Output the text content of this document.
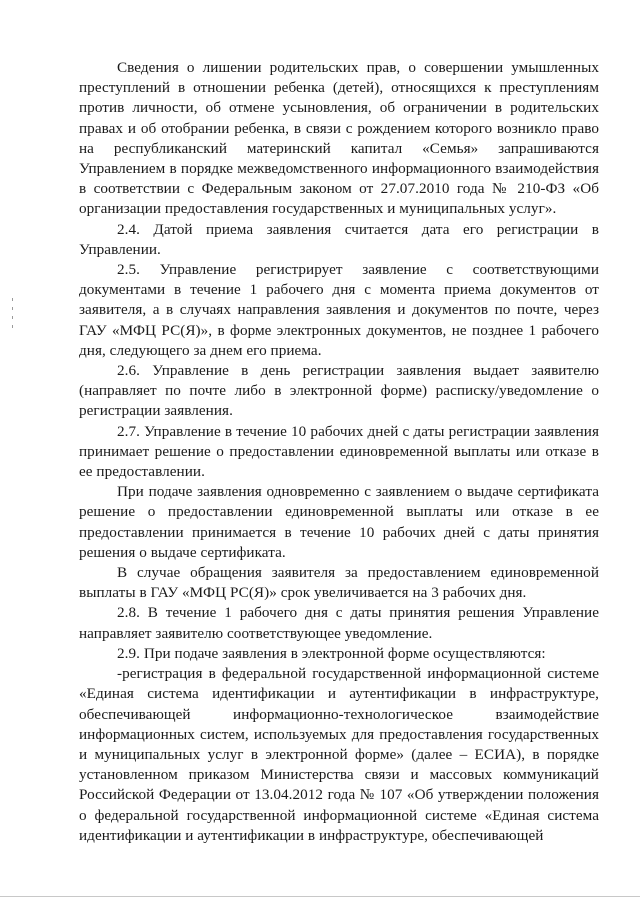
Сведения о лишении родительских прав, о совершении умышленных преступлений в отношении ребенка (детей), относящихся к преступлениям против личности, об отмене усыновления, об ограничении в родительских правах и об отобрании ребенка, в связи с рождением которого возникло право на республиканский материнский капитал «Семья» запрашиваются Управлением в порядке межведомственного информационного взаимодействия в соответствии с Федеральным законом от 27.07.2010 года № 210-ФЗ «Об организации предоставления государственных и муниципальных услуг».

2.4. Датой приема заявления считается дата его регистрации в Управлении.

2.5. Управление регистрирует заявление с соответствующими документами в течение 1 рабочего дня с момента приема документов от заявителя, а в случаях направления заявления и документов по почте, через ГАУ «МФЦ РС(Я)», в форме электронных документов, не позднее 1 рабочего дня, следующего за днем его приема.

2.6. Управление в день регистрации заявления выдает заявителю (направляет по почте либо в электронной форме) расписку/уведомление о регистрации заявления.

2.7. Управление в течение 10 рабочих дней с даты регистрации заявления принимает решение о предоставлении единовременной выплаты или отказе в ее предоставлении.

При подаче заявления одновременно с заявлением о выдаче сертификата решение о предоставлении единовременной выплаты или отказе в ее предоставлении принимается в течение 10 рабочих дней с даты принятия решения о выдаче сертификата.

В случае обращения заявителя за предоставлением единовременной выплаты в ГАУ «МФЦ РС(Я)» срок увеличивается на 3 рабочих дня.

2.8. В течение 1 рабочего дня с даты принятия решения Управление направляет заявителю соответствующее уведомление.

2.9. При подаче заявления в электронной форме осуществляются:

-регистрация в федеральной государственной информационной системе «Единая система идентификации и аутентификации в инфраструктуре, обеспечивающей информационно-технологическое взаимодействие информационных систем, используемых для предоставления государственных и муниципальных услуг в электронной форме» (далее – ЕСИА), в порядке установленном приказом Министерства связи и массовых коммуникаций Российской Федерации от 13.04.2012 года № 107 «Об утверждении положения о федеральной государственной информационной системе «Единая система идентификации и аутентификации в инфраструктуре, обеспечивающей
